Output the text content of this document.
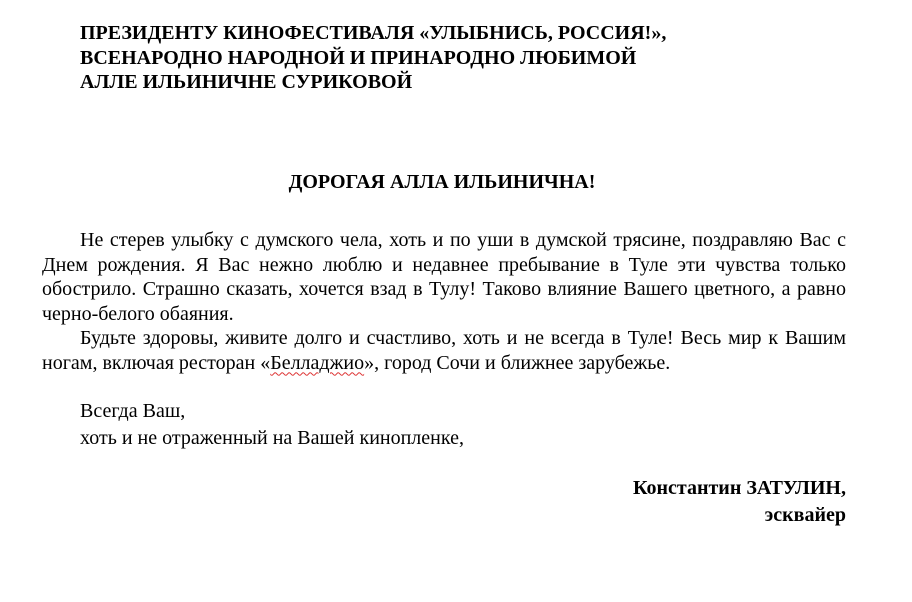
ПРЕЗИДЕНТУ КИНОФЕСТИВАЛЯ «УЛЫБНИСЬ, РОССИЯ!»,
ВСЕНАРОДНО НАРОДНОЙ И ПРИНАРОДНО ЛЮБИМОЙ
АЛЛЕ ИЛЬИНИЧНЕ СУРИКОВОЙ
ДОРОГАЯ АЛЛА ИЛЬИНИЧНА!

Не стерев улыбку с думского чела, хоть и по уши в думской трясине, поздравляю Вас с Днем рождения. Я Вас нежно люблю и недавнее пребывание в Туле эти чувства только обострило. Страшно сказать, хочется взад в Тулу! Таково влияние Вашего цветного, а равно черно-белого обаяния.

Будьте здоровы, живите долго и счастливо, хоть и не всегда в Туле! Весь мир к Вашим ногам, включая ресторан «Белладжио», город Сочи и ближнее зарубежье.

Всегда Ваш,
хоть и не отраженный на Вашей кинопленке,
Константин ЗАТУЛИН,
эсквайер
